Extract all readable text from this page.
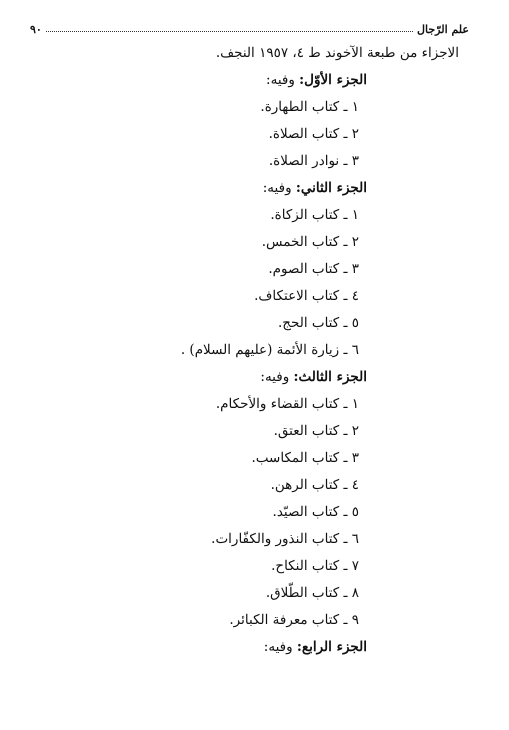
علم الرّجال
٩٠
الاجزاء من طبعة الآخوند ط ٤، ١٩٥٧ النجف.
الجزء الأوّل: وفيه:
١ ـ كتاب الطهارة.
٢ ـ كتاب الصلاة.
٣ ـ نوادر الصلاة.
الجزء الثاني: وفيه:
١ ـ كتاب الزكاة.
٢ ـ كتاب الخمس.
٣ ـ كتاب الصوم.
٤ ـ كتاب الاعتكاف.
٥ ـ كتاب الحج.
٦ ـ زيارة الأئمة (عليهم السلام) .
الجزء الثالث: وفيه:
١ ـ كتاب القضاء والأحكام.
٢ ـ كتاب العتق.
٣ ـ كتاب المكاسب.
٤ ـ كتاب الرهن.
٥ ـ كتاب الصيّد.
٦ ـ كتاب النذور والكفّارات.
٧ ـ كتاب النكاح.
٨ ـ كتاب الطّلاق.
٩ ـ كتاب معرفة الكبائر.
الجزء الرابع: وفيه:
